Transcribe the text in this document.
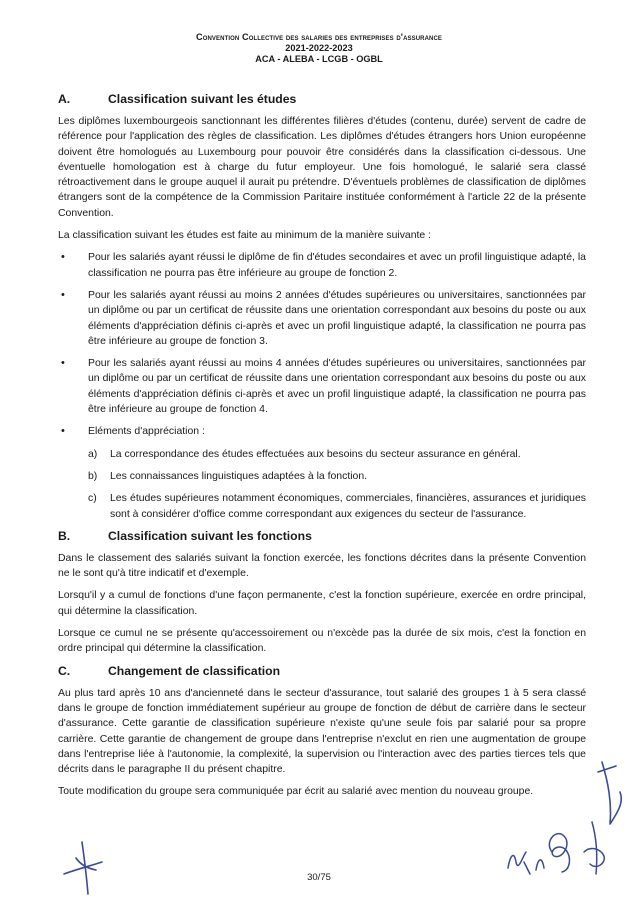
Convention Collective des salaries des entreprises d'assurance
2021-2022-2023
ACA - ALEBA - LCGB - OGBL
A.	Classification suivant les études

Les diplômes luxembourgeois sanctionnant les différentes filières d'études (contenu, durée) servent de cadre de référence pour l'application des règles de classification. Les diplômes d'études étrangers hors Union européenne doivent être homologués au Luxembourg pour pouvoir être considérés dans la classification ci-dessous. Une éventuelle homologation est à charge du futur employeur. Une fois homologué, le salarié sera classé rétroactivement dans le groupe auquel il aurait pu prétendre. D'éventuels problèmes de classification de diplômes étrangers sont de la compétence de la Commission Paritaire instituée conformément à l'article 22 de la présente Convention.

La classification suivant les études est faite au minimum de la manière suivante :

• Pour les salariés ayant réussi le diplôme de fin d'études secondaires et avec un profil linguistique adapté, la classification ne pourra pas être inférieure au groupe de fonction 2.
• Pour les salariés ayant réussi au moins 2 années d'études supérieures ou universitaires, sanctionnées par un diplôme ou par un certificat de réussite dans une orientation correspondant aux besoins du poste ou aux éléments d'appréciation définis ci-après et avec un profil linguistique adapté, la classification ne pourra pas être inférieure au groupe de fonction 3.
• Pour les salariés ayant réussi au moins 4 années d'études supérieures ou universitaires, sanctionnées par un diplôme ou par un certificat de réussite dans une orientation correspondant aux besoins du poste ou aux éléments d'appréciation définis ci-après et avec un profil linguistique adapté, la classification ne pourra pas être inférieure au groupe de fonction 4.
• Eléments d'appréciation :
a) La correspondance des études effectuées aux besoins du secteur assurance en général.
b) Les connaissances linguistiques adaptées à la fonction.
c) Les études supérieures notamment économiques, commerciales, financières, assurances et juridiques sont à considérer d'office comme correspondant aux exigences du secteur de l'assurance.
B.	Classification suivant les fonctions

Dans le classement des salariés suivant la fonction exercée, les fonctions décrites dans la présente Convention ne le sont qu'à titre indicatif et d'exemple.

Lorsqu'il y a cumul de fonctions d'une façon permanente, c'est la fonction supérieure, exercée en ordre principal, qui détermine la classification.

Lorsque ce cumul ne se présente qu'accessoirement ou n'excède pas la durée de six mois, c'est la fonction en ordre principal qui détermine la classification.

C.	Changement de classification

Au plus tard après 10 ans d'ancienneté dans le secteur d'assurance, tout salarié des groupes 1 à 5 sera classé dans le groupe de fonction immédiatement supérieur au groupe de fonction de début de carrière dans le secteur d'assurance. Cette garantie de classification supérieure n'existe qu'une seule fois par salarié pour sa propre carrière. Cette garantie de changement de groupe dans l'entreprise n'exclut en rien une augmentation de groupe dans l'entreprise liée à l'autonomie, la complexité, la supervision ou l'interaction avec des parties tierces tels que décrits dans le paragraphe II du présent chapitre.

Toute modification du groupe sera communiquée par écrit au salarié avec mention du nouveau groupe.

30/75
